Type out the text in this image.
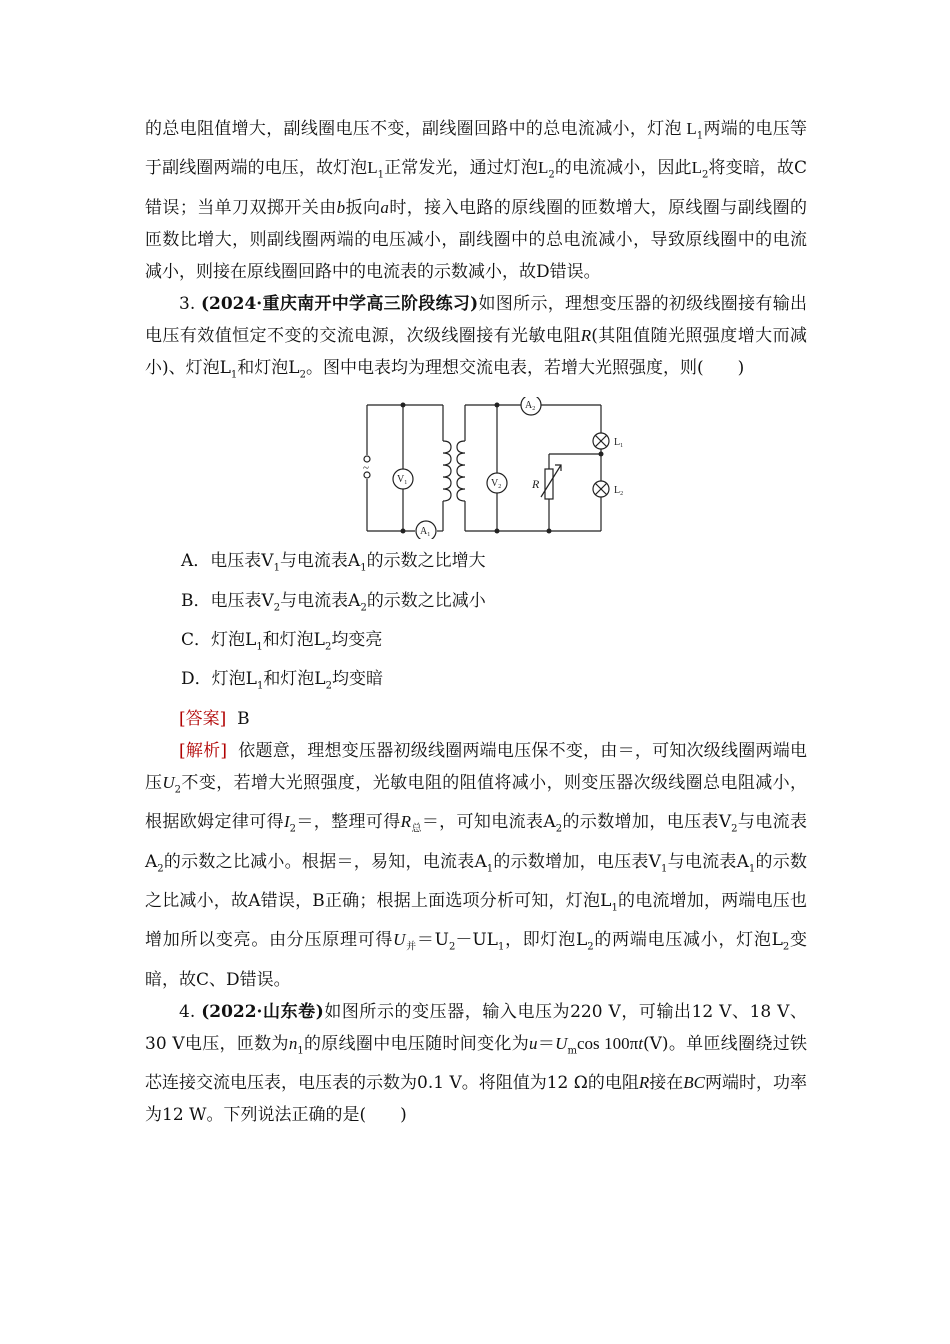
的总电阻值增大，副线圈电压不变，副线圈回路中的总电流减小，灯泡 $L_1$两端的电压等于副线圈两端的电压，故灯泡$L_1$正常发光，通过灯泡$L_2$的电流减小，因此$L_2$将变暗，故C错误；当单刀双掷开关由b扳向a时，接入电路的原线圈的匝数增大，原线圈与副线圈的匝数比增大，则副线圈两端的电压减小，副线圈中的总电流减小，导致原线圈中的电流减小，则接在原线圈回路中的电流表的示数减小，故D错误。

3. (2024·重庆南开中学高三阶段练习)如图所示，理想变压器的初级线圈接有输出电压有效值恒定不变的交流电源，次级线圈接有光敏电阻R(其阻值随光照强度增大而减小)、灯泡$L_1$和灯泡$L_2$。图中电表均为理想交流电表，若增大光照强度，则(　　)

~
$V_1$
$A_1$
$V_2$
$A_2$
R
$L_1$
$L_2$

A．电压表$V_1$与电流表$A_1$的示数之比增大

B．电压表$V_2$与电流表$A_2$的示数之比减小

C．灯泡$L_1$和灯泡$L_2$均变亮

D．灯泡$L_1$和灯泡$L_2$均变暗

[答案] B

[解析] 依题意，理想变压器初级线圈两端电压保不变，由＝，可知次级线圈两端电压$U_2$不变，若增大光照强度，光敏电阻的阻值将减小，则变压器次级线圈总电阻减小，根据欧姆定律可得$I_2=$，整理可得$R_总=$，可知电流表$A_2$的示数增加，电压表$V_2$与电流表$A_2$的示数之比减小。根据＝，易知，电流表$A_1$的示数增加，电压表$V_1$与电流表$A_1$的示数之比减小，故A错误，B正确；根据上面选项分析可知，灯泡$L_1$的电流增加，两端电压也增加所以变亮。由分压原理可得$U_并=U_2-UL_1$，即灯泡$L_2$的两端电压减小，灯泡$L_2$变暗，故C、D错误。

4. (2022·山东卷)如图所示的变压器，输入电压为220 V，可输出12 V、18 V、30 V电压，匝数为$n_1$的原线圈中电压随时间变化为$u=U_m\cos$ 100πt(V)。单匝线圈绕过铁芯连接交流电压表，电压表的示数为0.1 V。将阻值为12 Ω的电阻R接在BC两端时，功率为12 W。下列说法正确的是(　　)
